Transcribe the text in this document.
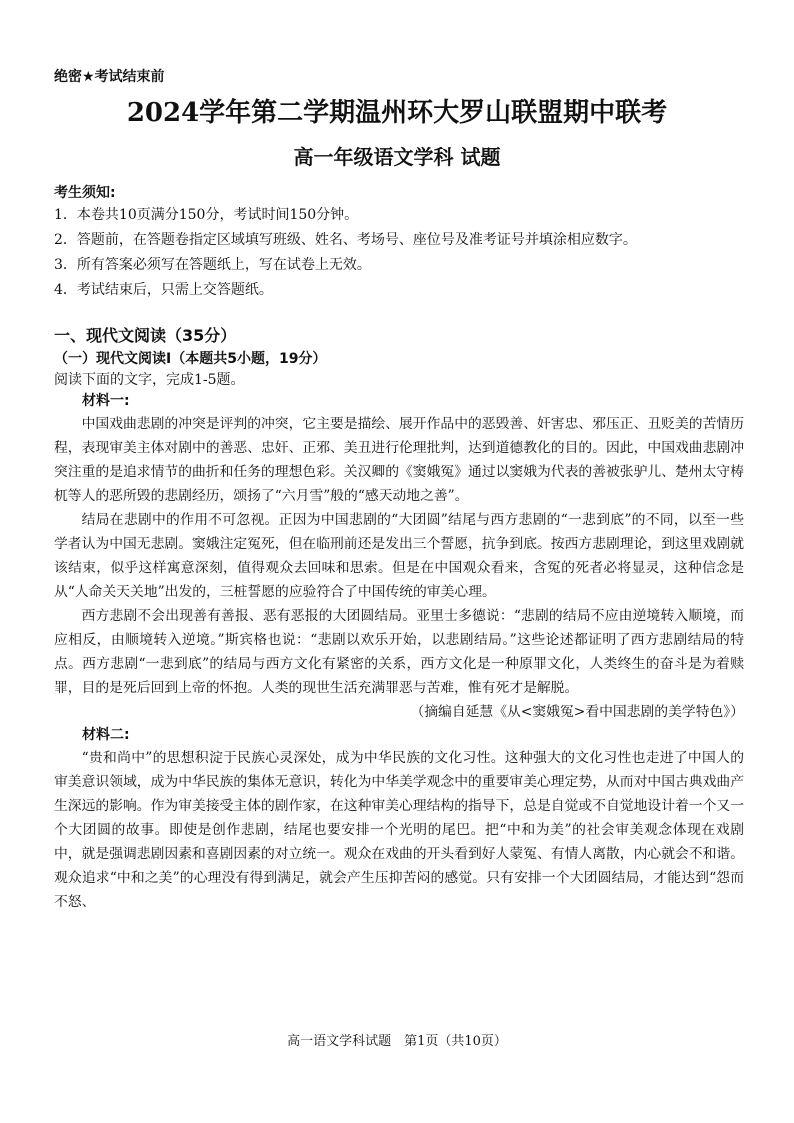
绝密★考试结束前
2024学年第二学期温州环大罗山联盟期中联考
高一年级语文学科 试题
考生须知:
1．本卷共10页满分150分，考试时间150分钟。
2．答题前，在答题卷指定区域填写班级、姓名、考场号、座位号及准考证号并填涂相应数字。
3．所有答案必须写在答题纸上，写在试卷上无效。
4．考试结束后，只需上交答题纸。
一、现代文阅读（35分）
（一）现代文阅读Ⅰ（本题共5小题，19分）
阅读下面的文字，完成1-5题。
材料一:

中国戏曲悲剧的冲突是评判的冲突，它主要是描绘、展开作品中的恶毁善、奸害忠、邪压正、丑贬美的苦情历程，表现审美主体对剧中的善恶、忠奸、正邪、美丑进行伦理批判，达到道德教化的目的。因此，中国戏曲悲剧冲突注重的是追求情节的曲折和任务的理想色彩。关汉卿的《窦娥冤》通过以窦娥为代表的善被张驴儿、楚州太守梼杌等人的恶所毁的悲剧经历，颂扬了“六月雪”般的“感天动地之善”。

结局在悲剧中的作用不可忽视。正因为中国悲剧的“大团圆”结尾与西方悲剧的“一悲到底”的不同，以至一些学者认为中国无悲剧。窦娥注定冤死，但在临刑前还是发出三个誓愿，抗争到底。按西方悲剧理论，到这里戏剧就该结束，似乎这样寓意深刻，值得观众去回味和思索。但是在中国观众看来，含冤的死者必将显灵，这种信念是从“人命关天关地”出发的，三桩誓愿的应验符合了中国传统的审美心理。

西方悲剧不会出现善有善报、恶有恶报的大团圆结局。亚里士多德说：“悲剧的结局不应由逆境转入顺境，而应相反，由顺境转入逆境。”斯宾格也说：“悲剧以欢乐开始，以悲剧结局。”这些论述都证明了西方悲剧结局的特点。西方悲剧“一悲到底”的结局与西方文化有紧密的关系，西方文化是一种原罪文化，人类终生的奋斗是为着赎罪，目的是死后回到上帝的怀抱。人类的现世生活充满罪恶与苦难，惟有死才是解脱。

（摘编自延慧《从<窦娥冤>看中国悲剧的美学特色》）

材料二:

“贵和尚中”的思想积淀于民族心灵深处，成为中华民族的文化习性。这种强大的文化习性也走进了中国人的审美意识领域，成为中华民族的集体无意识，转化为中华美学观念中的重要审美心理定势，从而对中国古典戏曲产生深远的影响。作为审美接受主体的剧作家，在这种审美心理结构的指导下，总是自觉或不自觉地设计着一个又一个大团圆的故事。即使是创作悲剧，结尾也要安排一个光明的尾巴。把“中和为美”的社会审美观念体现在戏剧中，就是强调悲剧因素和喜剧因素的对立统一。观众在戏曲的开头看到好人蒙冤、有情人离散，内心就会不和谐。观众追求“中和之美”的心理没有得到满足，就会产生压抑苦闷的感觉。只有安排一个大团圆结局，才能达到“怨而不怒、

高一语文学科试题　第1页（共10页）
